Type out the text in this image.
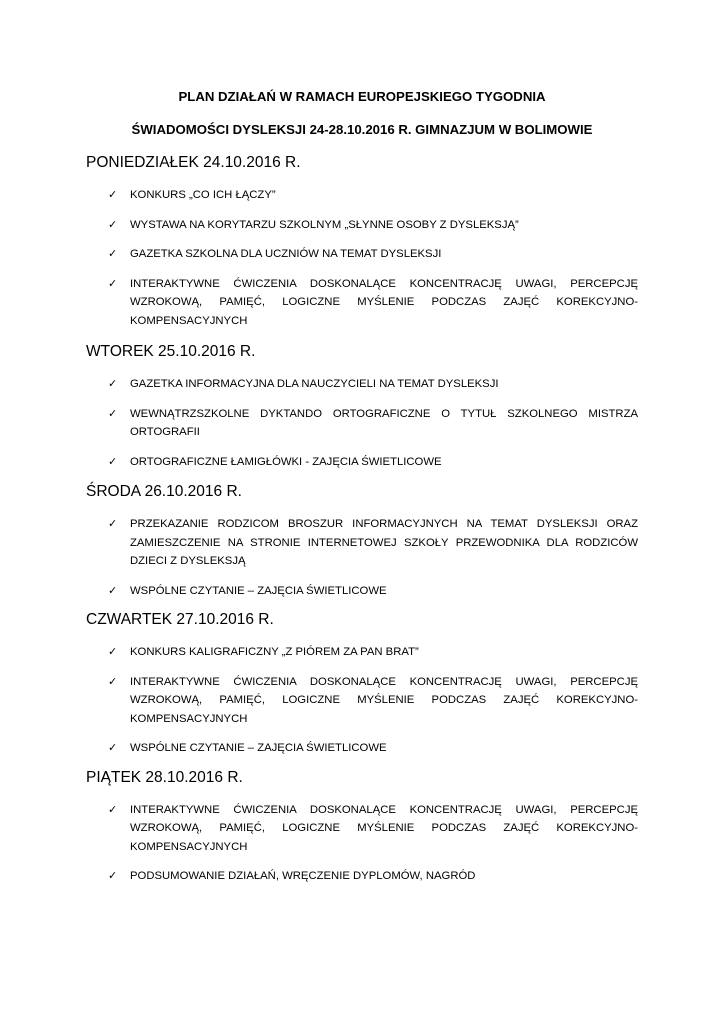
PLAN DZIAŁAŃ W RAMACH EUROPEJSKIEGO TYGODNIA

ŚWIADOMOŚCI DYSLEKSJI 24-28.10.2016 R. GIMNAZJUM W BOLIMOWIE

PONIEDZIAŁEK 24.10.2016 R.
✓ KONKURS „CO ICH ŁĄCZY”
✓ WYSTAWA NA KORYTARZU SZKOLNYM „SŁYNNE OSOBY Z DYSLEKSJĄ”
✓ GAZETKA SZKOLNA DLA UCZNIÓW NA TEMAT DYSLEKSJI
✓ INTERAKTYWNE ĆWICZENIA DOSKONALĄCE KONCENTRACJĘ UWAGI, PERCEPCJĘ WZROKOWĄ, PAMIĘĆ, LOGICZNE MYŚLENIE PODCZAS ZAJĘĆ KOREKCYJNO-KOMPENSACYJNYCH
WTOREK 25.10.2016 R.
✓ GAZETKA INFORMACYJNA DLA NAUCZYCIELI NA TEMAT DYSLEKSJI
✓ WEWNĄTRZSZKOLNE DYKTANDO ORTOGRAFICZNE O TYTUŁ SZKOLNEGO MISTRZA ORTOGRAFII
✓ ORTOGRAFICZNE ŁAMIGŁÓWKI - ZAJĘCIA ŚWIETLICOWE
ŚRODA 26.10.2016 R.
✓ PRZEKAZANIE RODZICOM BROSZUR INFORMACYJNYCH NA TEMAT DYSLEKSJI ORAZ ZAMIESZCZENIE NA STRONIE INTERNETOWEJ SZKOŁY PRZEWODNIKA DLA RODZICÓW DZIECI Z DYSLEKSJĄ
✓ WSPÓLNE CZYTANIE – ZAJĘCIA ŚWIETLICOWE
CZWARTEK 27.10.2016 R.
✓ KONKURS KALIGRAFICZNY „Z PIÓREM ZA PAN BRAT”
✓ INTERAKTYWNE ĆWICZENIA DOSKONALĄCE KONCENTRACJĘ UWAGI, PERCEPCJĘ WZROKOWĄ, PAMIĘĆ, LOGICZNE MYŚLENIE PODCZAS ZAJĘĆ KOREKCYJNO-KOMPENSACYJNYCH
✓ WSPÓLNE CZYTANIE – ZAJĘCIA ŚWIETLICOWE
PIĄTEK 28.10.2016 R.
✓ INTERAKTYWNE ĆWICZENIA DOSKONALĄCE KONCENTRACJĘ UWAGI, PERCEPCJĘ WZROKOWĄ, PAMIĘĆ, LOGICZNE MYŚLENIE PODCZAS ZAJĘĆ KOREKCYJNO-KOMPENSACYJNYCH
✓ PODSUMOWANIE DZIAŁAŃ, WRĘCZENIE DYPLOMÓW, NAGRÓD
